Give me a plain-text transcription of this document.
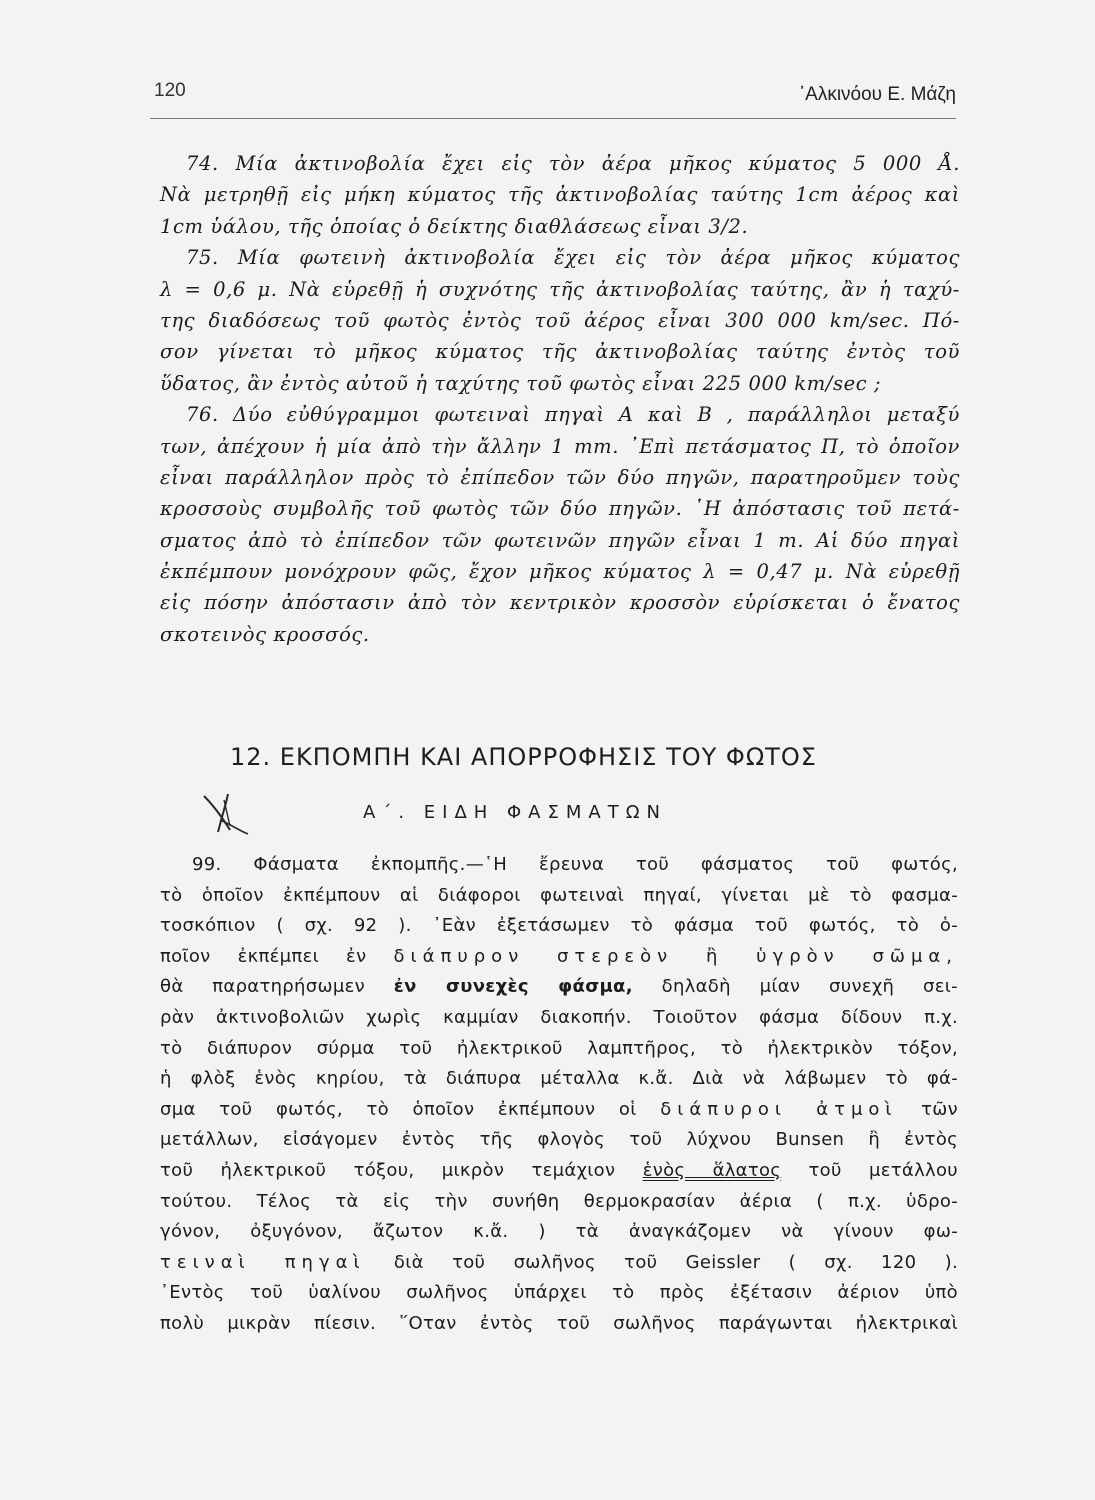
120	᾿Αλκινόου Ε. Μάζη
74. Μία ἀκτινοβολία ἔχει εἰς τὸν ἀέρα μῆκος κύματος 5 000 Å.
Νὰ μετρηθῇ εἰς μήκη κύματος τῆς ἀκτινοβολίας ταύτης 1cm ἀέρος καὶ
1cm ὑάλου, τῆς ὁποίας ὁ δείκτης διαθλάσεως εἶναι 3/2.
75. Μία φωτεινὴ ἀκτινοβολία ἔχει εἰς τὸν ἀέρα μῆκος κύματος
λ = 0,6 μ. Νὰ εὑρεθῇ ἡ συχνότης τῆς ἀκτινοβολίας ταύτης, ἂν ἡ ταχύ-
της διαδόσεως τοῦ φωτὸς ἐντὸς τοῦ ἀέρος εἶναι 300 000 km/sec. Πό-
σον γίνεται τὸ μῆκος κύματος τῆς ἀκτινοβολίας ταύτης ἐντὸς τοῦ
ὕδατος, ἂν ἐντὸς αὐτοῦ ἡ ταχύτης τοῦ φωτὸς εἶναι 225 000 km/sec ;
76. Δύο εὐθύγραμμοι φωτειναὶ πηγαὶ Α καὶ Β , παράλληλοι μεταξύ
των, ἀπέχουν ἡ μία ἀπὸ τὴν ἄλλην 1 mm. ᾿Επὶ πετάσματος Π, τὸ ὁποῖον
εἶναι παράλληλον πρὸς τὸ ἐπίπεδον τῶν δύο πηγῶν, παρατηροῦμεν τοὺς
κροσσοὺς συμβολῆς τοῦ φωτὸς τῶν δύο πηγῶν. ῾Η ἀπόστασις τοῦ πετά-
σματος ἀπὸ τὸ ἐπίπεδον τῶν φωτεινῶν πηγῶν εἶναι 1 m. Αἱ δύο πηγαὶ
ἐκπέμπουν μονόχρουν φῶς, ἔχον μῆκος κύματος λ = 0,47 μ. Νὰ εὑρεθῇ
εἰς πόσην ἀπόστασιν ἀπὸ τὸν κεντρικὸν κροσσὸν εὑρίσκεται ὁ ἔνατος
σκοτεινὸς κροσσός.
12. ΕΚΠΟΜΠΗ ΚΑΙ ΑΠΟΡΡΟΦΗΣΙΣ ΤΟΥ ΦΩΤΟΣ
Α΄. ΕΙΔΗ ΦΑΣΜΑΤΩΝ
99. Φάσματα ἐκπομπῆς.—῾Η ἔρευνα τοῦ φάσματος τοῦ φωτός,
τὸ ὁποῖον ἐκπέμπουν αἱ διάφοροι φωτειναὶ πηγαί, γίνεται μὲ τὸ φασμα-
τοσκόπιον ( σχ. 92 ). ᾿Εὰν ἐξετάσωμεν τὸ φάσμα τοῦ φωτός, τὸ ὁ-
ποῖον ἐκπέμπει ἐν διάπυρον στερεὸν ἢ ὑγρὸν σῶμα,
θὰ παρατηρήσωμεν ἐν συνεχὲς φάσμα, δηλαδὴ μίαν συνεχῆ σει-
ρὰν ἀκτινοβολιῶν χωρὶς καμμίαν διακοπήν. Τοιοῦτον φάσμα δίδουν π.χ.
τὸ διάπυρον σύρμα τοῦ ἠλεκτρικοῦ λαμπτῆρος, τὸ ἠλεκτρικὸν τόξον,
ἡ φλὸξ ἑνὸς κηρίου, τὰ διάπυρα μέταλλα κ.ἄ. Διὰ νὰ λάβωμεν τὸ φά-
σμα τοῦ φωτός, τὸ ὁποῖον ἐκπέμπουν οἱ διάπυροι ἀτμοὶ τῶν
μετάλλων, εἰσάγομεν ἐντὸς τῆς φλογὸς τοῦ λύχνου Bunsen ἢ ἐντὸς
τοῦ ἠλεκτρικοῦ τόξου, μικρὸν τεμάχιον ἑνὸς ἅλατος τοῦ μετάλλου
τούτου. Τέλος τὰ εἰς τὴν συνήθη θερμοκρασίαν ἀέρια ( π.χ. ὑδρο-
γόνον, ὀξυγόνον, ἄζωτον κ.ἄ. ) τὰ ἀναγκάζομεν νὰ γίνουν φω-
τειναὶ πηγαὶ διὰ τοῦ σωλῆνος τοῦ Geissler ( σχ. 120 ).
᾿Εντὸς τοῦ ὑαλίνου σωλῆνος ὑπάρχει τὸ πρὸς ἐξέτασιν ἀέριον ὑπὸ
πολὺ μικρὰν πίεσιν. ῞Οταν ἐντὸς τοῦ σωλῆνος παράγωνται ἠλεκτρικαὶ
